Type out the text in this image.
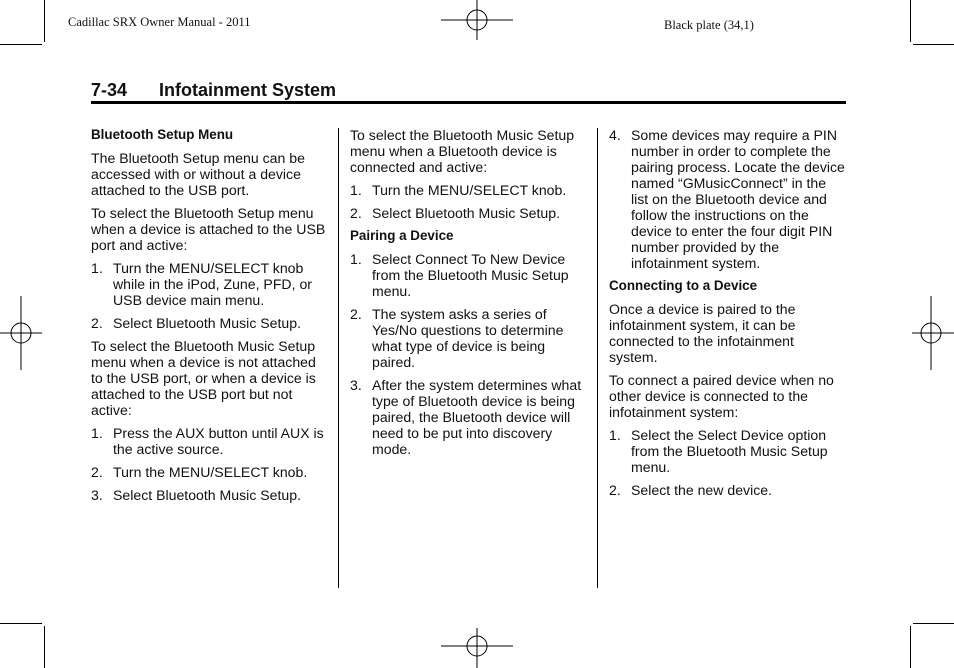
Cadillac SRX Owner Manual - 2011	Black plate (34,1)
7-34 Infotainment System
Bluetooth Setup Menu

The Bluetooth Setup menu can be accessed with or without a device attached to the USB port.

To select the Bluetooth Setup menu when a device is attached to the USB port and active:

1. Turn the MENU/SELECT knob while in the iPod, Zune, PFD, or USB device main menu.
2. Select Bluetooth Music Setup.

To select the Bluetooth Music Setup menu when a device is not attached to the USB port, or when a device is attached to the USB port but not active:

1. Press the AUX button until AUX is the active source.
2. Turn the MENU/SELECT knob.
3. Select Bluetooth Music Setup.

To select the Bluetooth Music Setup menu when a Bluetooth device is connected and active:

1. Turn the MENU/SELECT knob.
2. Select Bluetooth Music Setup.
Pairing a Device
1. Select Connect To New Device from the Bluetooth Music Setup menu.
2. The system asks a series of Yes/No questions to determine what type of device is being paired.
3. After the system determines what type of Bluetooth device is being paired, the Bluetooth device will need to be put into discovery mode.
4. Some devices may require a PIN number in order to complete the pairing process. Locate the device named “GMusicConnect” in the list on the Bluetooth device and follow the instructions on the device to enter the four digit PIN number provided by the infotainment system.
Connecting to a Device

Once a device is paired to the infotainment system, it can be connected to the infotainment system.

To connect a paired device when no other device is connected to the infotainment system:

1. Select the Select Device option from the Bluetooth Music Setup menu.
2. Select the new device.
